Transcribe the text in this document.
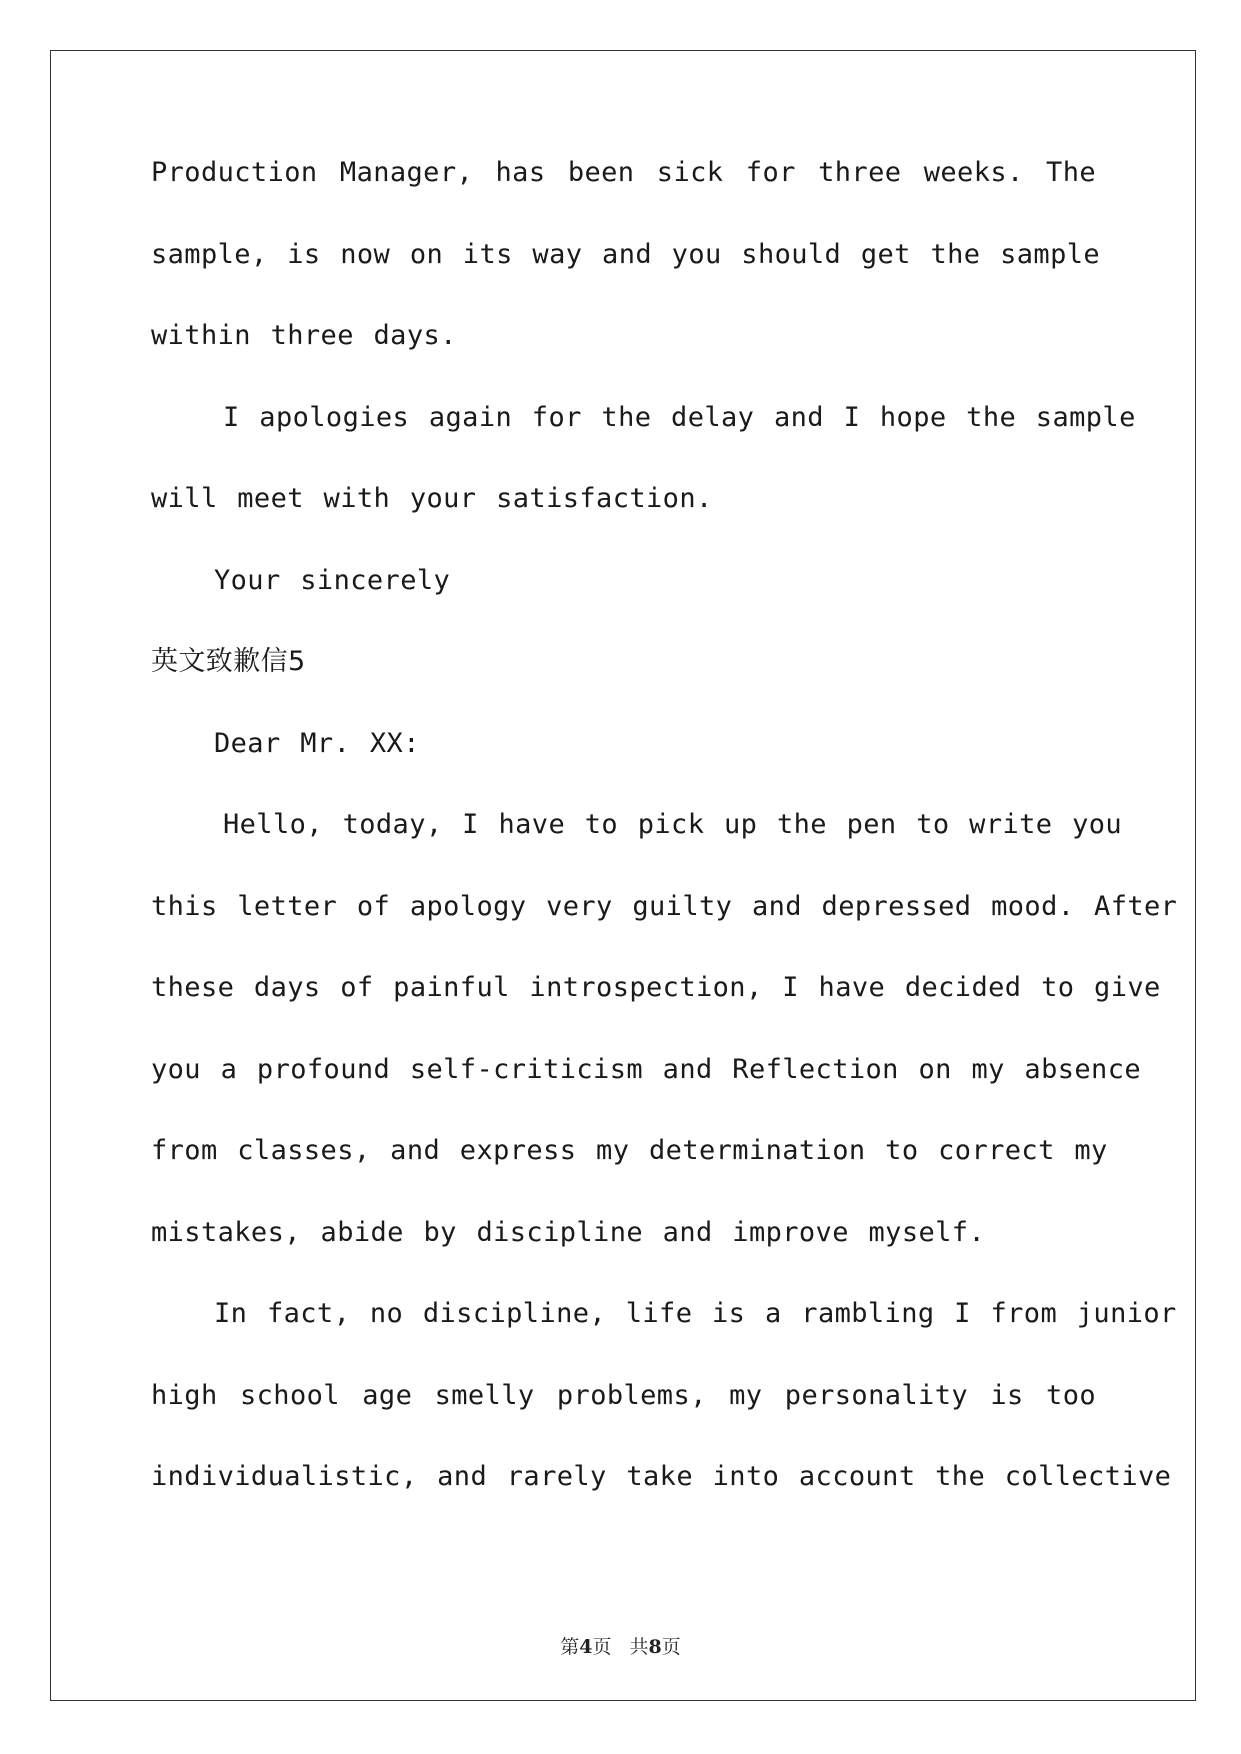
Production Manager, has been sick for three weeks. The
sample, is now on its way and you should get the sample
within three days.
I apologies again for the delay and I hope the sample
will meet with your satisfaction.
Your sincerely
英文致歉信5
Dear Mr. XX:
Hello, today, I have to pick up the pen to write you
this letter of apology very guilty and depressed mood. After
these days of painful introspection, I have decided to give
you a profound self-criticism and Reflection on my absence
from classes, and express my determination to correct my
mistakes, abide by discipline and improve myself.
In fact, no discipline, life is a rambling I from junior
high school age smelly problems, my personality is too
individualistic, and rarely take into account the collective
第4页 共8页
